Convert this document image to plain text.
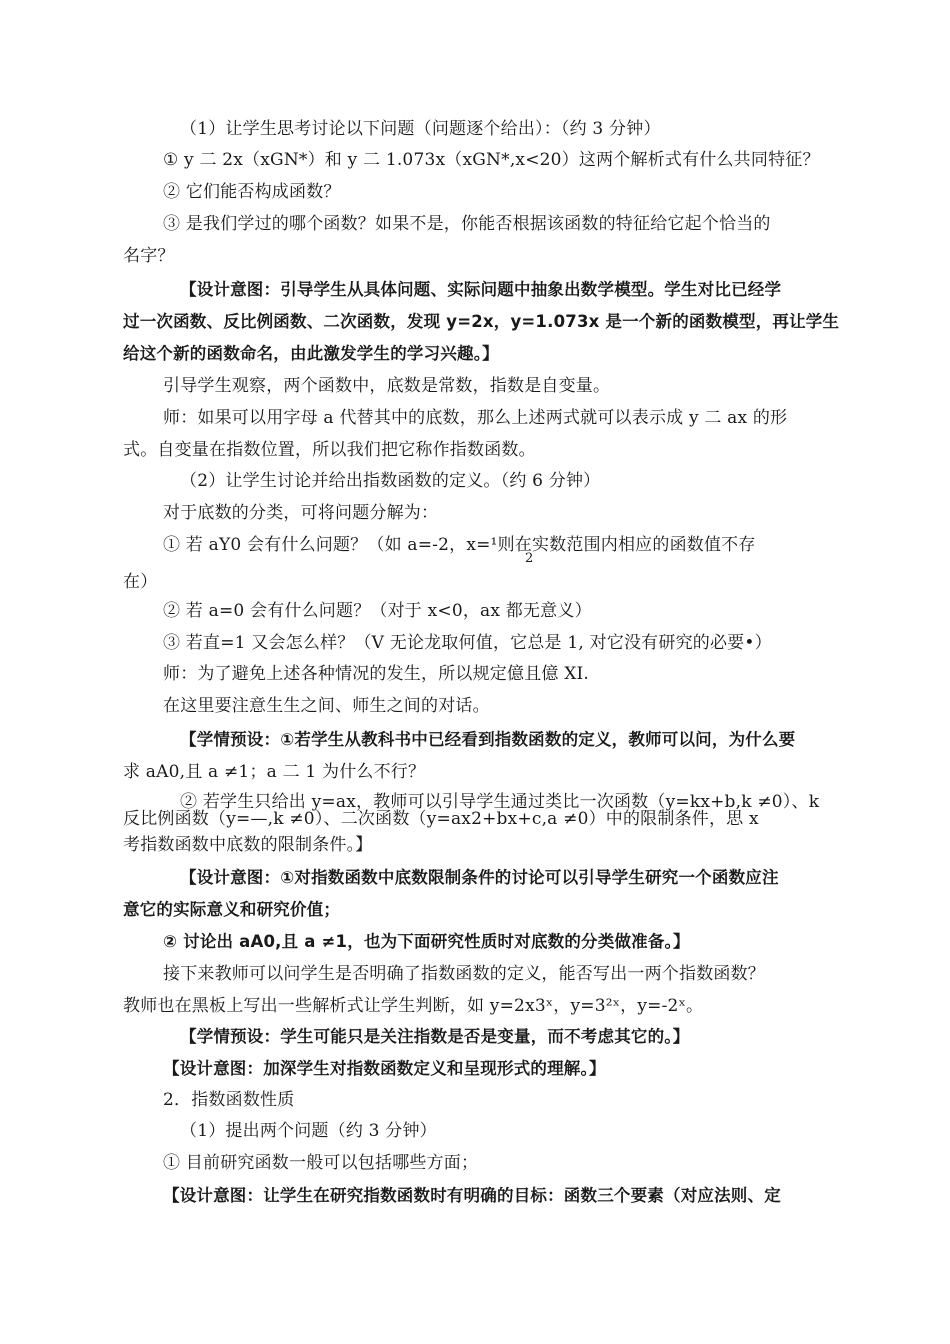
（1）让学生思考讨论以下问题（问题逐个给出）：（约 3 分钟）
① y 二 2x（xGN*）和 y 二 1.073x（xGN*,x<20）这两个解析式有什么共同特征？
② 它们能否构成函数？
③ 是我们学过的哪个函数？如果不是，你能否根据该函数的特征给它起个恰当的
名字？
【设计意图：引导学生从具体问题、实际问题中抽象出数学模型。学生对比已经学
过一次函数、反比例函数、二次函数，发现 y=2x，y=1.073x 是一个新的函数模型，再让学生
给这个新的函数命名，由此激发学生的学习兴趣。】
引导学生观察，两个函数中，底数是常数，指数是自变量。
师：如果可以用字母 a 代替其中的底数，那么上述两式就可以表示成 y 二 ax 的形
式。自变量在指数位置，所以我们把它称作指数函数。
（2）让学生讨论并给出指数函数的定义。（约 6 分钟）
对于底数的分类，可将问题分解为：
① 若 aY0 会有什么问题？（如 a=-2，x=¹则在实数范围内相应的函数值不存
2
在）
② 若 a=0 会有什么问题？（对于 x<0，ax 都无意义）
③ 若直=1 又会怎么样？（V 无论龙取何值，它总是 1, 对它没有研究的必要•）
师：为了避免上述各种情况的发生，所以规定億且億 XI.
在这里要注意生生之间、师生之间的对话。
【学情预设：①若学生从教科书中已经看到指数函数的定义，教师可以问，为什么要
求 aA0,且 a ≠1；a 二 1 为什么不行？
② 若学生只给出 y=ax，教师可以引导学生通过类比一次函数（y=kx+b,k ≠0）、k
反比例函数（y=—,k ≠0）、二次函数（y=ax2+bx+c,a ≠0）中的限制条件，思 x
考指数函数中底数的限制条件。】
【设计意图：①对指数函数中底数限制条件的讨论可以引导学生研究一个函数应注
意它的实际意义和研究价值；
② 讨论出 aA0,且 a ≠1，也为下面研究性质时对底数的分类做准备。】
接下来教师可以问学生是否明确了指数函数的定义，能否写出一两个指数函数？
教师也在黑板上写出一些解析式让学生判断，如 y=2x3ˣ，y=3²ˣ，y=-2ˣ。
【学情预设：学生可能只是关注指数是否是变量，而不考虑其它的。】
【设计意图：加深学生对指数函数定义和呈现形式的理解。】
2．指数函数性质
（1）提出两个问题（约 3 分钟）
① 目前研究函数一般可以包括哪些方面；
【设计意图：让学生在研究指数函数时有明确的目标：函数三个要素（对应法则、定
